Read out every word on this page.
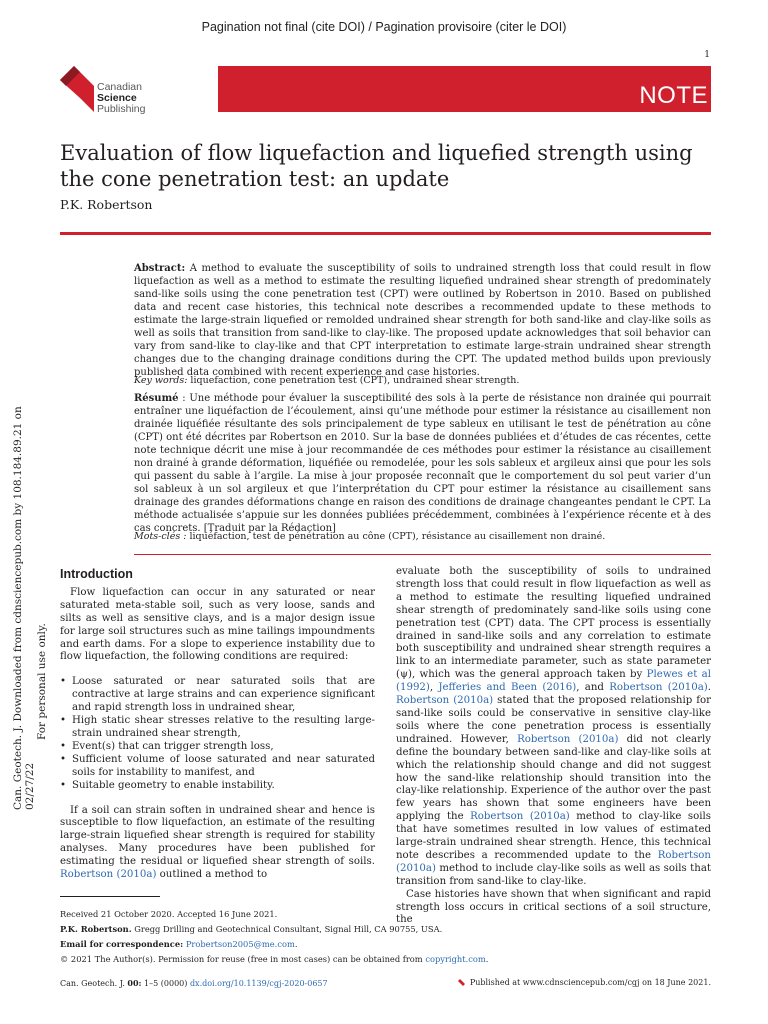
Pagination not final (cite DOI) / Pagination provisoire (citer le DOI)
1
Canadian
Science
Publishing	NOTE
Evaluation of flow liquefaction and liquefied strength using the cone penetration test: an update
P.K. Robertson
Abstract: A method to evaluate the susceptibility of soils to undrained strength loss that could result in flow liquefaction as well as a method to estimate the resulting liquefied undrained shear strength of predominately sand-like soils using the cone penetration test (CPT) were outlined by Robertson in 2010. Based on published data and recent case histories, this technical note describes a recommended update to these methods to estimate the large-strain liquefied or remolded undrained shear strength for both sand-like and clay-like soils as well as soils that transition from sand-like to clay-like. The proposed update acknowledges that soil behavior can vary from sand-like to clay-like and that CPT interpretation to estimate large-strain undrained shear strength changes due to the changing drainage conditions during the CPT. The updated method builds upon previously published data combined with recent experience and case histories.
Key words: liquefaction, cone penetration test (CPT), undrained shear strength.
Résumé : Une méthode pour évaluer la susceptibilité des sols à la perte de résistance non drainée qui pourrait entraîner une liquéfaction de l’écoulement, ainsi qu’une méthode pour estimer la résistance au cisaillement non drainée liquéfiée résultante des sols principalement de type sableux en utilisant le test de pénétration au cône (CPT) ont été décrites par Robertson en 2010. Sur la base de données publiées et d’études de cas récentes, cette note technique décrit une mise à jour recommandée de ces méthodes pour estimer la résistance au cisaillement non drainé à grande déformation, liquéfiée ou remodelée, pour les sols sableux et argileux ainsi que pour les sols qui passent du sable à l’argile. La mise à jour proposée reconnaît que le comportement du sol peut varier d’un sol sableux à un sol argileux et que l’interprétation du CPT pour estimer la résistance au cisaillement sans drainage des grandes déformations change en raison des conditions de drainage changeantes pendant le CPT. La méthode actualisée s’appuie sur les données publiées précédemment, combinées à l’expérience récente et à des cas concrets. [Traduit par la Rédaction]
Mots-clés : liquéfaction, test de pénétration au cône (CPT), résistance au cisaillement non drainé.
Introduction

Flow liquefaction can occur in any saturated or near saturated meta-stable soil, such as very loose, sands and silts as well as sensitive clays, and is a major design issue for large soil structures such as mine tailings impoundments and earth dams. For a slope to experience instability due to flow liquefaction, the following conditions are required:

• Loose saturated or near saturated soils that are contractive at large strains and can experience significant and rapid strength loss in undrained shear,
• High static shear stresses relative to the resulting large-strain undrained shear strength,
• Event(s) that can trigger strength loss,
• Sufficient volume of loose saturated and near saturated soils for instability to manifest, and
• Suitable geometry to enable instability.

If a soil can strain soften in undrained shear and hence is susceptible to flow liquefaction, an estimate of the resulting large-strain liquefied shear strength is required for stability analyses. Many procedures have been published for estimating the residual or liquefied shear strength of soils. Robertson (2010a) outlined a method to

evaluate both the susceptibility of soils to undrained strength loss that could result in flow liquefaction as well as a method to estimate the resulting liquefied undrained shear strength of predominately sand-like soils using cone penetration test (CPT) data. The CPT process is essentially drained in sand-like soils and any correlation to estimate both susceptibility and undrained shear strength requires a link to an intermediate parameter, such as state parameter (ψ), which was the general approach taken by Plewes et al (1992), Jefferies and Been (2016), and Robertson (2010a). Robertson (2010a) stated that the proposed relationship for sand-like soils could be conservative in sensitive clay-like soils where the cone penetration process is essentially undrained. However, Robertson (2010a) did not clearly define the boundary between sand-like and clay-like soils at which the relationship should change and did not suggest how the sand-like relationship should transition into the clay-like relationship. Experience of the author over the past few years has shown that some engineers have been applying the Robertson (2010a) method to clay-like soils that have sometimes resulted in low values of estimated large-strain undrained shear strength. Hence, this technical note describes a recommended update to the Robertson (2010a) method to include clay-like soils as well as soils that transition from sand-like to clay-like.

Case histories have shown that when significant and rapid strength loss occurs in critical sections of a soil structure, the

Received 21 October 2020. Accepted 16 June 2021.
P.K. Robertson. Gregg Drilling and Geotechnical Consultant, Signal Hill, CA 90755, USA.
Email for correspondence: Probertson2005@me.com.
© 2021 The Author(s). Permission for reuse (free in most cases) can be obtained from copyright.com.
Can. Geotech. J. 00: 1–5 (0000) dx.doi.org/10.1139/cgj-2020-0657	Published at www.cdnsciencepub.com/cgj on 18 June 2021.
Can. Geotech. J. Downloaded from cdnsciencepub.com by 108.184.89.21 on 02/27/22
For personal use only.
